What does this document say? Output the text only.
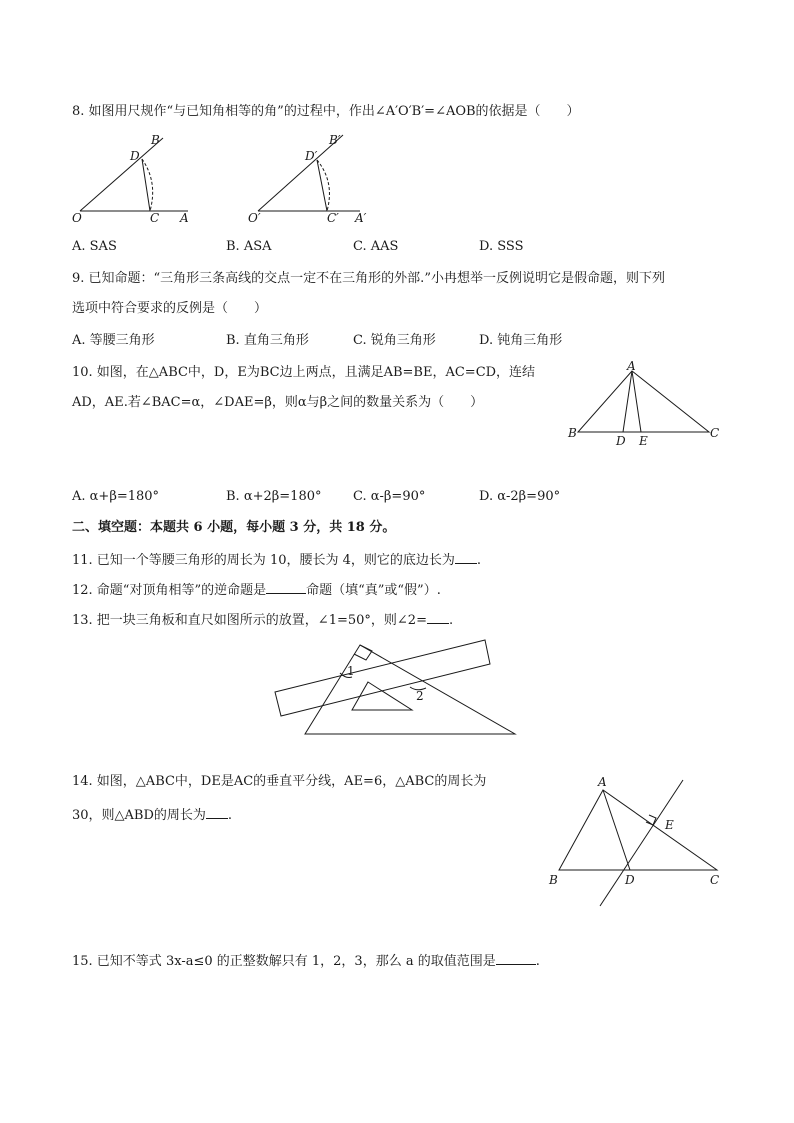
8. 如图用尺规作“与已知角相等的角”的过程中，作出∠A′O′B′=∠AOB的依据是（　　）
O	C A
D
B
O′	C′ A′
D′
B′
A. SAS	B. ASA	C. AAS	D. SSS
9. 已知命题：“三角形三条高线的交点一定不在三角形的外部.”小冉想举一反例说明它是假命题，则下列
选项中符合要求的反例是（　　）
A. 等腰三角形	B. 直角三角形	C. 锐角三角形	D. 钝角三角形
10. 如图，在△ABC中，D，E为BC边上两点，且满足AB=BE，AC=CD，连结
AD，AE.若∠BAC=α，∠DAE=β，则α与β之间的数量关系为（　　）
A
B	C
D E
A. α+β=180°	B. α+2β=180° C. α-β=90°	D. α-2β=90°
二、填空题：本题共 6 小题，每小题 3 分，共 18 分。
11. 已知一个等腰三角形的周长为 10，腰长为 4，则它的底边长为 .
12. 命题“对顶角相等”的逆命题是	命题（填“真”或“假”）.
13. 把一块三角板和直尺如图所示的放置，∠1=50°，则∠2= .
1
2
14. 如图，△ABC中，DE是AC的垂直平分线，AE=6，△ABC的周长为
30，则△ABD的周长为 .
A
B	C
D
E
15. 已知不等式 3x-a≤0 的正整数解只有 1，2，3，那么 a 的取值范围是	.
